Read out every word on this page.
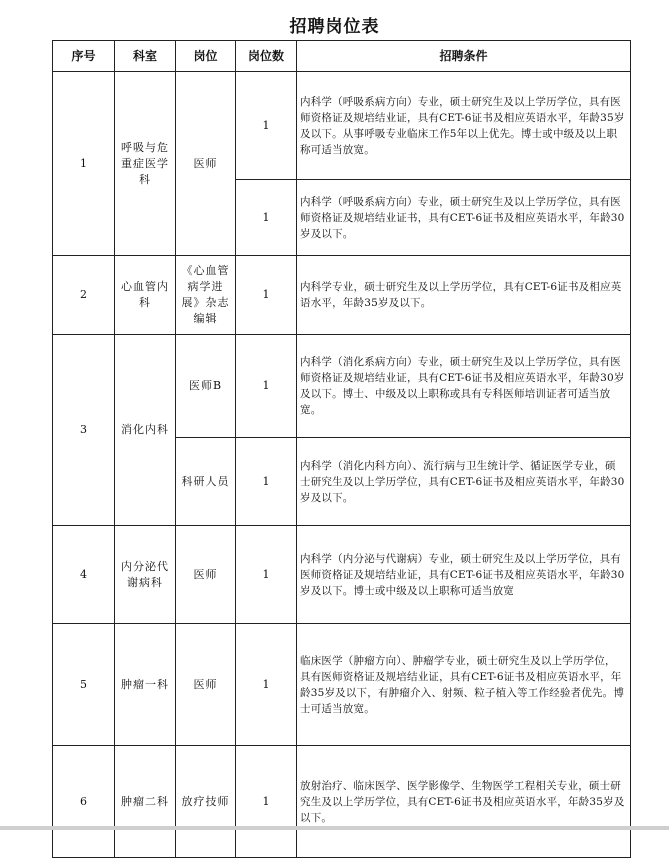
招聘岗位表
序号	科室	岗位	岗位数	招聘条件
1	呼吸与危重症医学科	医师	1	内科学（呼吸系病方向）专业，硕士研究生及以上学历学位，具有医师资格证及规培结业证，具有CET-6证书及相应英语水平，年龄35岁及以下。从事呼吸专业临床工作5年以上优先。博士或中级及以上职称可适当放宽。
			1	内科学（呼吸系病方向）专业，硕士研究生及以上学历学位，具有医师资格证及规培结业证书，具有CET-6证书及相应英语水平，年龄30岁及以下。
2	心血管内科	《心血管病学进展》杂志编辑	1	内科学专业，硕士研究生及以上学历学位，具有CET-6证书及相应英语水平，年龄35岁及以下。
3	消化内科	医师B	1	内科学（消化系病方向）专业，硕士研究生及以上学历学位，具有医师资格证及规培结业证，具有CET-6证书及相应英语水平，年龄30岁及以下。博士、中级及以上职称或具有专科医师培训证者可适当放宽。
		科研人员	1	内科学（消化内科方向）、流行病与卫生统计学、循证医学专业，硕士研究生及以上学历学位，具有CET-6证书及相应英语水平，年龄30岁及以下。
4	内分泌代谢病科	医师	1	内科学（内分泌与代谢病）专业，硕士研究生及以上学历学位，具有医师资格证及规培结业证，具有CET-6证书及相应英语水平，年龄30岁及以下。博士或中级及以上职称可适当放宽
5	肿瘤一科	医师	1	临床医学（肿瘤方向）、肿瘤学专业，硕士研究生及以上学历学位，具有医师资格证及规培结业证，具有CET-6证书及相应英语水平，年龄35岁及以下，有肿瘤介入、射频、粒子植入等工作经验者优先。博士可适当放宽。
6	肿瘤二科	放疗技师	1	放射治疗、临床医学、医学影像学、生物医学工程相关专业，硕士研究生及以上学历学位，具有CET-6证书及相应英语水平，年龄35岁及以下。
